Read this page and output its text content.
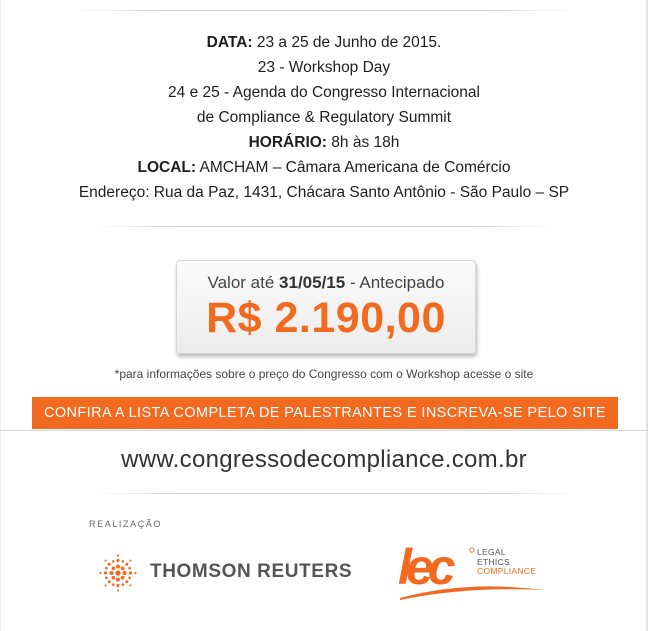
DATA: 23 a 25 de Junho de 2015.
23 - Workshop Day
24 e 25 - Agenda do Congresso Internacional
de Compliance & Regulatory Summit
HORÁRIO: 8h às 18h
LOCAL: AMCHAM – Câmara Americana de Comércio
Endereço: Rua da Paz, 1431, Chácara Santo Antônio - São Paulo – SP
Valor até 31/05/15 - Antecipado
R$ 2.190,00
*para informações sobre o preço do Congresso com o Workshop acesse o site
CONFIRA A LISTA COMPLETA DE PALESTRANTES E INSCREVA-SE PELO SITE
www.congressodecompliance.com.br
REALIZAÇÃO
THOMSON REUTERS lec	LEGAL
ETHICS
COMPLIANCE
